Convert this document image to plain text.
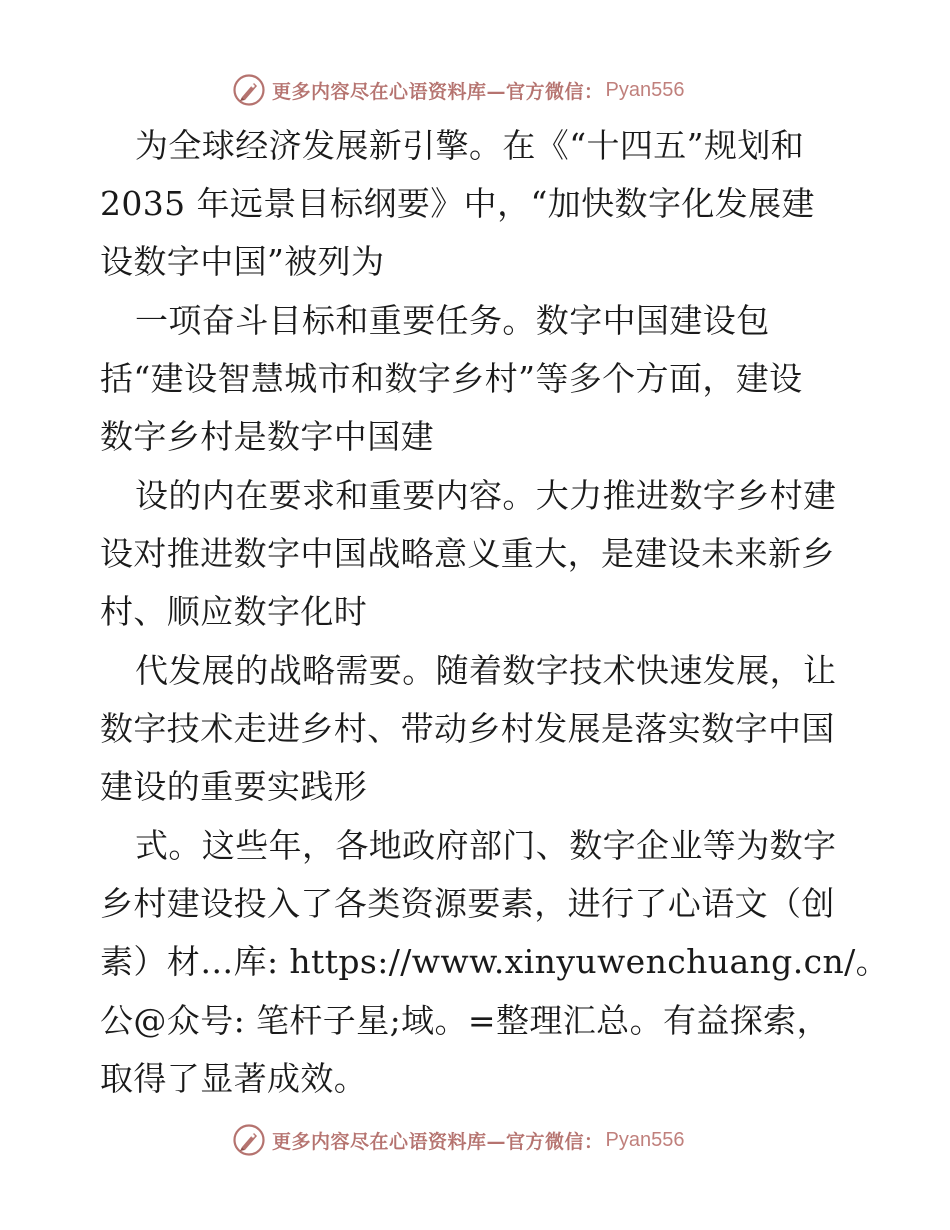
更多内容尽在心语资料库—官方微信： Pyan556
为全球经济发展新引擎。在《“十四五”规划和
2035 年远景目标纲要》中，“加快数字化发展建
设数字中国”被列为
一项奋斗目标和重要任务。数字中国建设包
括“建设智慧城市和数字乡村”等多个方面，建设
数字乡村是数字中国建
设的内在要求和重要内容。大力推进数字乡村建
设对推进数字中国战略意义重大，是建设未来新乡
村、顺应数字化时
代发展的战略需要。随着数字技术快速发展，让
数字技术走进乡村、带动乡村发展是落实数字中国
建设的重要实践形
式。这些年，各地政府部门、数字企业等为数字
乡村建设投入了各类资源要素，进行了心语文（创
素）材…库: https://www.xinyuwenchuang.cn/。
公@众号: 笔杆子星;域。=整理汇总。有益探索，
取得了显著成效。
更多内容尽在心语资料库—官方微信： Pyan556
